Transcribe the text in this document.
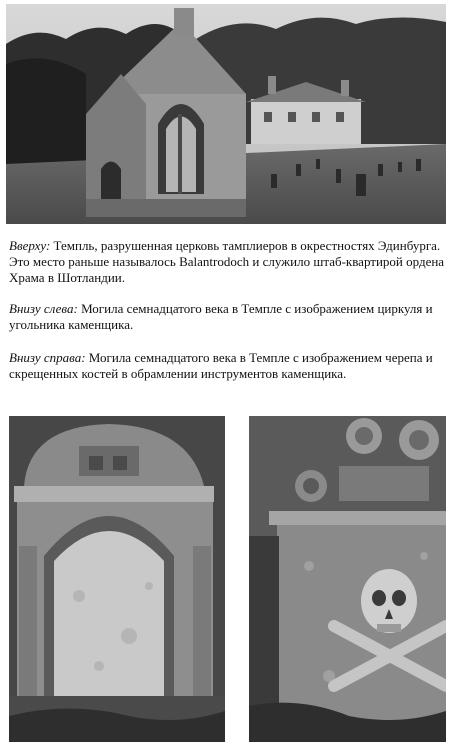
Вверху: Темпль, разрушенная церковь тамплиеров в окрестностях Эдинбурга. Это место раньше называлось Balantrodoch и служило штаб-квартирой ордена Храма в Шотландии.

Внизу слева: Могила семнадцатого века в Темпле с изображением циркуля и угольника каменщика.

Внизу справа: Могила семнадцатого века в Темпле с изображением черепа и скрещенных костей в обрамлении инструментов каменщика.
